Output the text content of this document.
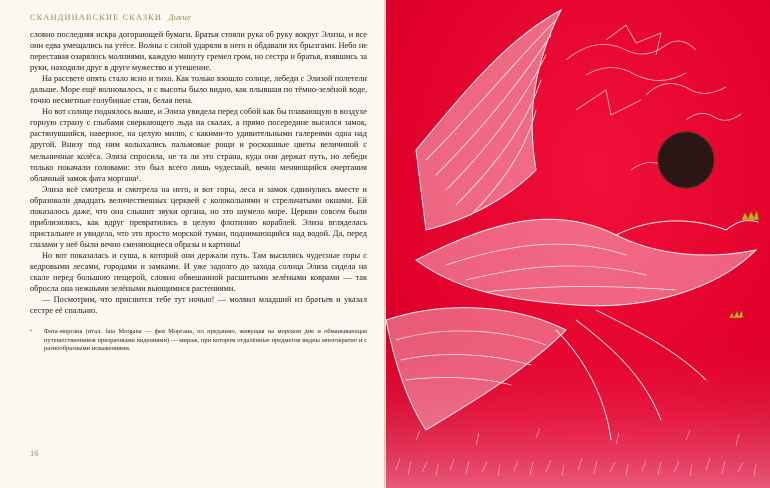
СКАНДИНАВСКИЕ СКАЗКИ Дикие

словно последняя искра догорающей бумаги. Братья стояли рука об руку вокруг Элизы, и все они едва умещались на утёсе. Волны с силой ударяли в него и обдавали их брызгами. Небо не переставая озарялось молниями, каждую минуту гремел гром, но сестра и братья, взявшись за руки, находили друг в друге мужество и утешение.

На рассвете опять стало ясно и тихо. Как только взошло солнце, лебеди с Элизой полетели дальше. Море ещё волновалось, и с высоты было видно, как плывшая по тёмно-зелёной воде, точно несметные голубиные стаи, белая пена.

Но вот солнце поднялось выше, и Элиза увидела перед собой как бы плавающую в воздухе горную страну с глыбами сверкающего льда на скалах, а прямо посередине высился замок, растянувшийся, наверное, на целую милю, с какими-то удивительными галереями одна над другой. Внизу под ним колыхались пальмовые рощи и роскошные цветы величиной с мельничные колёса. Элиза спросила, не та ли это страна, куда они держат путь, но лебеди только покачали головами: это был всего лишь чудесный, вечно меняющийся очертания облачный замок фата моргана¹.

Элиза всё смотрела и смотрела на него, и вот горы, леса и замок сдвинулись вместе и образовали двадцать величественных церквей с колокольнями и стрельчатыми окнами. Ей показалось даже, что она слышит звуки органа, но это шумело море. Церкви совсем были приблизились, как вдруг превратились в целую флотилию кораблей. Элиза вгляделась пристальнее и увидела, что это просто морской туман, поднимающийся над водой. Да, перед глазами у неё были вечно сменяющиеся образы и картины!

Но вот показалась и суша, к которой они держали путь. Там высились чудесные горы с кедровыми лесами, городами и замками. И уже задолго до захода солнца Элиза сидела на скале перед большою пещерой, словно обвешанной расшитыми зелёными коврами — так обросла она нежными зелёными вьющимися растениями.

— Посмотрим, что приснится тебе тут ночью! — молвил младший из братьев и указал сестре её спальню.

¹	Фата-моргана (итал. fata Morgana — фея Моргана, по преданию, живущая на морском дне и обманывающая путешественников призрачными видениями) — мираж, при котором отдалённые предметов видны многократно и с разнообразными искажениями.
16
